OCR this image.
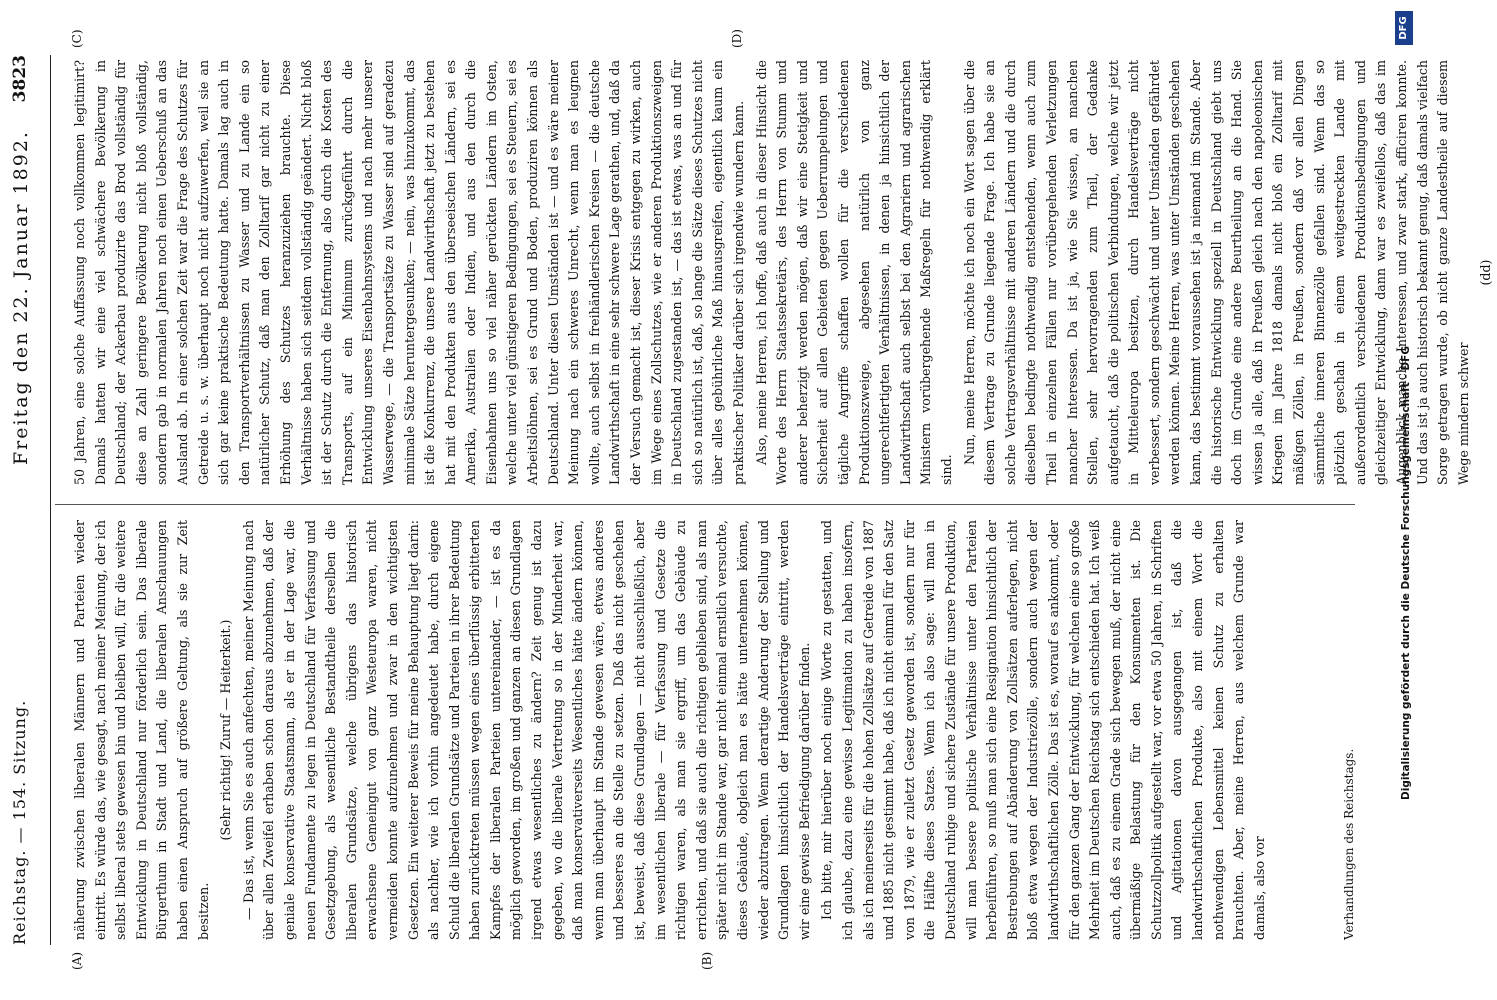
Reichstag. — 154. Sitzung.
Freitag den 22. Januar 1892.
3823
(A)	(B)
(C)	(D)

näherung zwischen liberalen Männern und Parteien wieder eintritt. Es würde das, wie gesagt, nach meiner Meinung, der ich selbst liberal stets gewesen bin und bleiben will, für die weitere Entwicklung in Deutschland nur förderlich sein. Das liberale Bürgerthum in Stadt und Land, die liberalen Anschauungen haben einen Anspruch auf größere Geltung, als sie zur Zeit besitzen.

(Sehr richtig! Zuruf — Heiterkeit.) — Das ist, wenn Sie es auch anfechten, meiner Meinung nach über allen Zweifel erhaben schon daraus abzunehmen, daß der geniale konservative Staatsmann, als er in der Lage war, die neuen Fundamente zu legen in Deutschland für Verfassung und Gesetzgebung, als wesentliche Bestandtheile derselben die liberalen Grundsätze, welche übrigens das historisch erwachsene Gemeingut von ganz Westeuropa waren, nicht vermeiden konnte aufzunehmen und zwar in den wichtigsten Gesetzen. Ein weiterer Beweis für meine Behauptung liegt darin: als nachher, wie ich vorhin angedeutet habe, durch eigene Schuld die liberalen Grundsätze und Parteien in ihrer Bedeutung haben zurücktreten müssen wegen eines überflüssig erbitterten Kampfes der liberalen Parteien untereinander, — ist es da möglich geworden, im großen und ganzen an diesen Grundlagen irgend etwas wesentliches zu ändern? Zeit genug ist dazu gegeben, wo die liberale Vertretung so in der Minderheit war, daß man konservativerseits Wesentliches hätte ändern können, wenn man überhaupt im Stande gewesen wäre, etwas anderes und besseres an die Stelle zu setzen. Daß das nicht geschehen ist, beweist, daß diese Grundlagen — nicht ausschließlich, aber im wesentlichen liberale — für Verfassung und Gesetze die richtigen waren, als man sie ergriff, um das Gebäude zu errichten, und daß sie auch die richtigen geblieben sind, als man später nicht im Stande war, gar nicht einmal ernstlich versuchte, dieses Gebäude, obgleich man es hätte unternehmen können, wieder abzutragen. Wenn derartige Anderung der Stellung und Grundlagen hinsichtlich der Handelsverträge eintritt, werden wir eine gewisse Befriedigung darüber finden. Ich bitte, mir hierüber noch einige Worte zu gestatten, und ich glaube, dazu eine gewisse Legitimation zu haben insofern, als ich meinerseits für die hohen Zollsätze auf Getreide von 1887 und 1885 nicht gestimmt habe, daß ich nicht einmal für den Satz von 1879, wie er zuletzt Gesetz geworden ist, sondern nur für die Hälfte dieses Satzes. Wenn ich also sage: will man in Deutschland ruhige und sichere Zustände für unsere Produktion, will man bessere politische Verhältnisse unter den Parteien herbeiführen, so muß man sich eine Resignation hinsichtlich der Bestrebungen auf Abänderung von Zollsätzen auferlegen, nicht bloß etwa wegen der Industriezölle, sondern auch wegen der landwirthschaftlichen Zölle. Das ist es, worauf es ankommt, oder für den ganzen Gang der Entwicklung, für welchen eine so große Mehrheit im Deutschen Reichstag sich entschieden hat. Ich weiß auch, daß es zu einem Grade sich bewegen muß, der nicht eine übermäßige Belastung für den Konsumenten ist. Die Schutzzollpolitik aufgestellt war, vor etwa 50 Jahren, in Schriften und Agitationen davon ausgegangen ist, daß die landwirthschaftlichen Produkte, also mit einem Wort die nothwendigen Lebensmittel keinen Schutz zu erhalten brauchten. Aber, meine Herren, aus welchem Grunde war damals, also vor

50 Jahren, eine solche Auffassung noch vollkommen legitimirt? Damals hatten wir eine viel schwächere Bevölkerung in Deutschland; der Ackerbau produzirte das Brod vollständig für diese an Zahl geringere Bevölkerung nicht bloß vollständig, sondern gab in normalen Jahren noch einen Ueberschuß an das Ausland ab. In einer solchen Zeit war die Frage des Schutzes für Getreide u. s. w. überhaupt noch nicht aufzuwerfen, weil sie an sich gar keine praktische Bedeutung hatte. Damals lag auch in den Transportverhältnissen zu Wasser und zu Lande ein so natürlicher Schutz, daß man den Zolltarif gar nicht zu einer Erhöhung des Schutzes heranzuziehen brauchte. Diese Verhältnisse haben sich seitdem vollständig geändert. Nicht bloß ist der Schutz durch die Entfernung, also durch die Kosten des Transports, auf ein Minimum zurückgeführt durch die Entwicklung unseres Eisenbahnsystems und nach mehr unserer Wasserwege, — die Transportsätze zu Wasser sind auf geradezu minimale Sätze heruntergesunken; — nein, was hinzukommt, das ist die Konkurrenz, die unsere Landwirthschaft jetzt zu bestehen hat mit den Produkten aus den überseeischen Ländern, sei es Amerika, Australien oder Indien, und aus den durch die Eisenbahnen uns so viel näher gerückten Ländern im Osten, welche unter viel günstigeren Bedingungen, sei es Steuern, sei es Arbeitslöhnen, sei es Grund und Boden, produziren können als Deutschland. Unter diesen Umständen ist — und es wäre meiner Meinung nach ein schweres Unrecht, wenn man es leugnen wollte, auch selbst in freihändlerischen Kreisen — die deutsche Landwirthschaft in eine sehr schwere Lage gerathen, und, daß da der Versuch gemacht ist, dieser Krisis entgegen zu wirken, auch im Wege eines Zollschutzes, wie er anderen Produktionszweigen in Deutschland zugestanden ist, — das ist etwas, was an und für sich so natürlich ist, daß, so lange die Sätze dieses Schutzes nicht über alles gebührliche Maß hinausgreifen, eigentlich kaum ein praktischer Politiker darüber sich irgendwie wundern kann. Also, meine Herren, ich hoffe, daß auch in dieser Hinsicht die Worte des Herrn Staatssekretärs, des Herrn von Stumm und anderer beherzigt werden mögen, daß wir eine Stetigkeit und Sicherheit auf allen Gebieten gegen Ueberrumpelungen und tägliche Angriffe schaffen wollen für die verschiedenen Produktionszweige, abgesehen natürlich von ganz ungerechtfertigten Verhältnissen, in denen ja hinsichtlich der Landwirthschaft auch selbst bei den Agrariern und agrarischen Ministern vorübergehende Maßregeln für nothwendig erklärt sind.

Nun, meine Herren, möchte ich noch ein Wort sagen über die diesem Vertrage zu Grunde liegende Frage. Ich habe sie an solche Vertragsverhältnisse mit anderen Ländern und die durch dieselben bedingte nothwendig entstehenden, wenn auch zum Theil in einzelnen Fällen nur vorübergehenden Verletzungen mancher Interessen. Da ist ja, wie Sie wissen, an manchen Stellen, sehr hervorragenden zum Theil, der Gedanke aufgetaucht, daß die politischen Verbindungen, welche wir jetzt in Mitteleuropa besitzen, durch Handelsverträge nicht verbessert, sondern geschwächt und unter Umständen gefährdet werden können. Meine Herren, was unter Umständen geschehen kann, das bestimmt voraussehen ist ja niemand im Stande. Aber die historische Entwicklung speziell in Deutschland giebt uns doch im Grunde eine andere Beurtheilung an die Hand. Sie wissen ja alle, daß in Preußen gleich nach den napoleonischen Kriegen im Jahre 1818 damals nicht bloß ein Zolltarif mit mäßigen Zöllen, in Preußen, sondern daß vor allen Dingen sämmtliche inneren Binnenzölle gefallen sind. Wenn das so plötzlich geschah in einem weitgestreckten Lande mit außerordentlich verschiedenen Produktionsbedingungen und gleichzeitiger Entwicklung, dann war es zweifellos, daß das im Augenblick manche Interessen, und zwar stark, afficiren konnte. Und das ist ja auch historisch bekannt genug, daß damals vielfach Sorge getragen wurde, ob nicht ganze Landestheile auf diesem Wege mindern schwer

(dd)

Verhandlungen des Reichstags.
Digitalisierung gefördert durch die Deutsche Forschungsgemeinschaft - DFG
DFG
